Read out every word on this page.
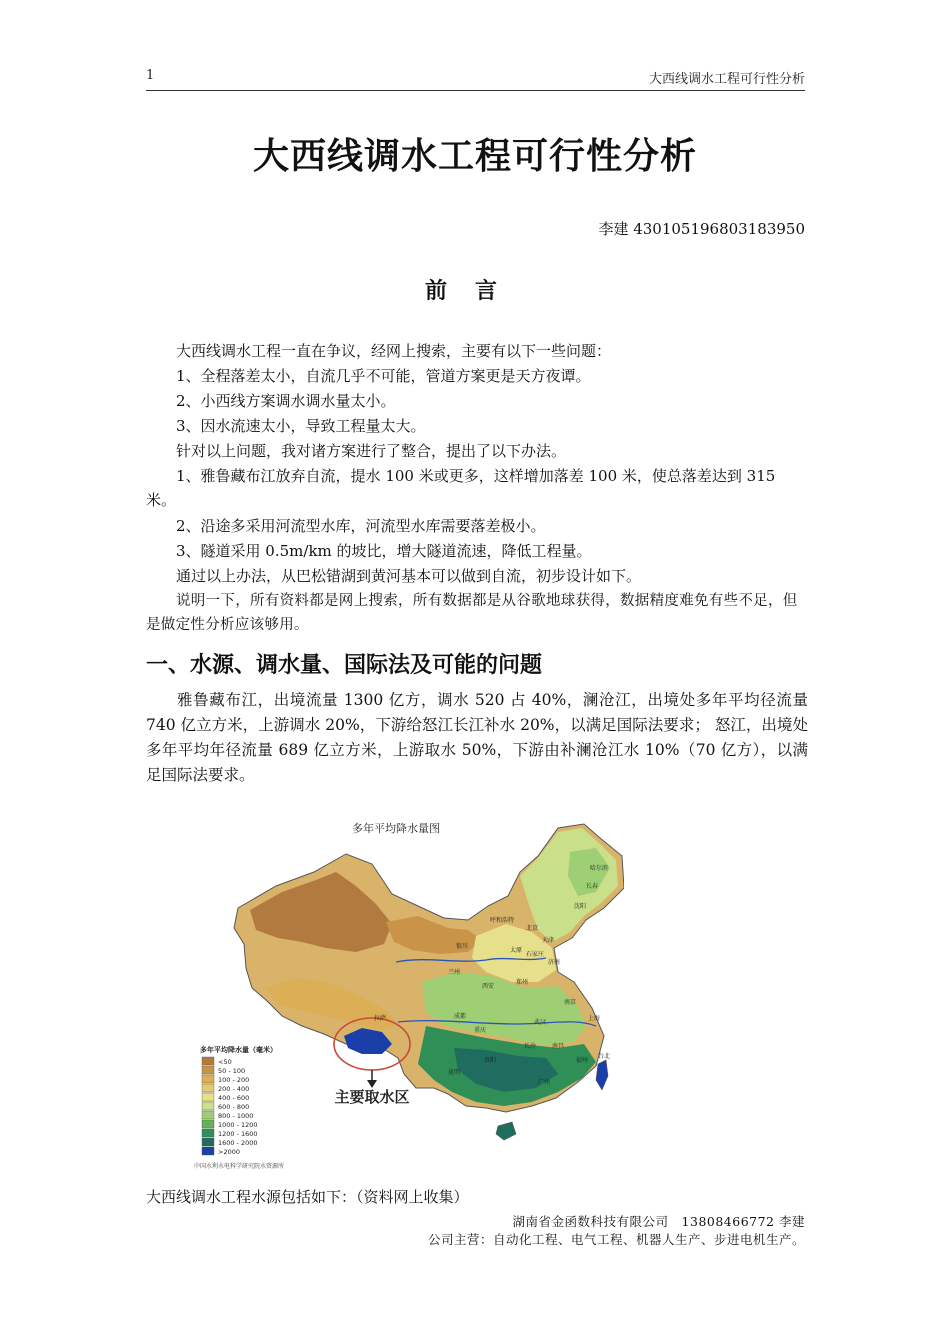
1	大西线调水工程可行性分析
大西线调水工程可行性分析
李建 430105196803183950
前言
大西线调水工程一直在争议，经网上搜索，主要有以下一些问题：
1、全程落差太小，自流几乎不可能，管道方案更是天方夜谭。
2、小西线方案调水调水量太小。
3、因水流速太小，导致工程量太大。
针对以上问题，我对诸方案进行了整合，提出了以下办法。
1、雅鲁藏布江放弃自流，提水 100 米或更多，这样增加落差 100 米，使总落差达到 315 米。
2、沿途多采用河流型水库，河流型水库需要落差极小。
3、隧道采用 0.5m/km 的坡比，增大隧道流速，降低工程量。
通过以上办法，从巴松错湖到黄河基本可以做到自流，初步设计如下。
说明一下，所有资料都是网上搜索，所有数据都是从谷歌地球获得，数据精度难免有些不足，但是做定性分析应该够用。
一、水源、调水量、国际法及可能的问题
雅鲁藏布江，出境流量 1300 亿方，调水 520 占 40%，澜沧江，出境处多年平均径流量 740 亿立方米，上游调水 20%，下游给怒江长江补水 20%，以满足国际法要求； 怒江，出境处多年平均年径流量 689 亿立方米，上游取水 50%，下游由补澜沧江水 10%（70 亿方），以满足国际法要求。
多年平均降水量图
主要取水区
哈尔滨
长春
沈阳
北京
天津
呼和浩特
银川
太原
石家庄
济南
兰州
西安
郑州
南京
上海
成都
重庆
武汉
拉萨
贵阳
昆明
长沙	南昌
福州
广州
台北
多年平均降水量（毫米）
<50
50 - 100
100 - 200
200 - 400
400 - 600
600 - 800
800 - 1000
1000 - 1200
1200 - 1600
1600 - 2000
>2000
中国水利水电科学研究院水资源所
大西线调水工程水源包括如下：（资料网上收集）
湖南省金函数科技有限公司　13808466772 李建
公司主营：自动化工程、电气工程、机器人生产、步进电机生产。
